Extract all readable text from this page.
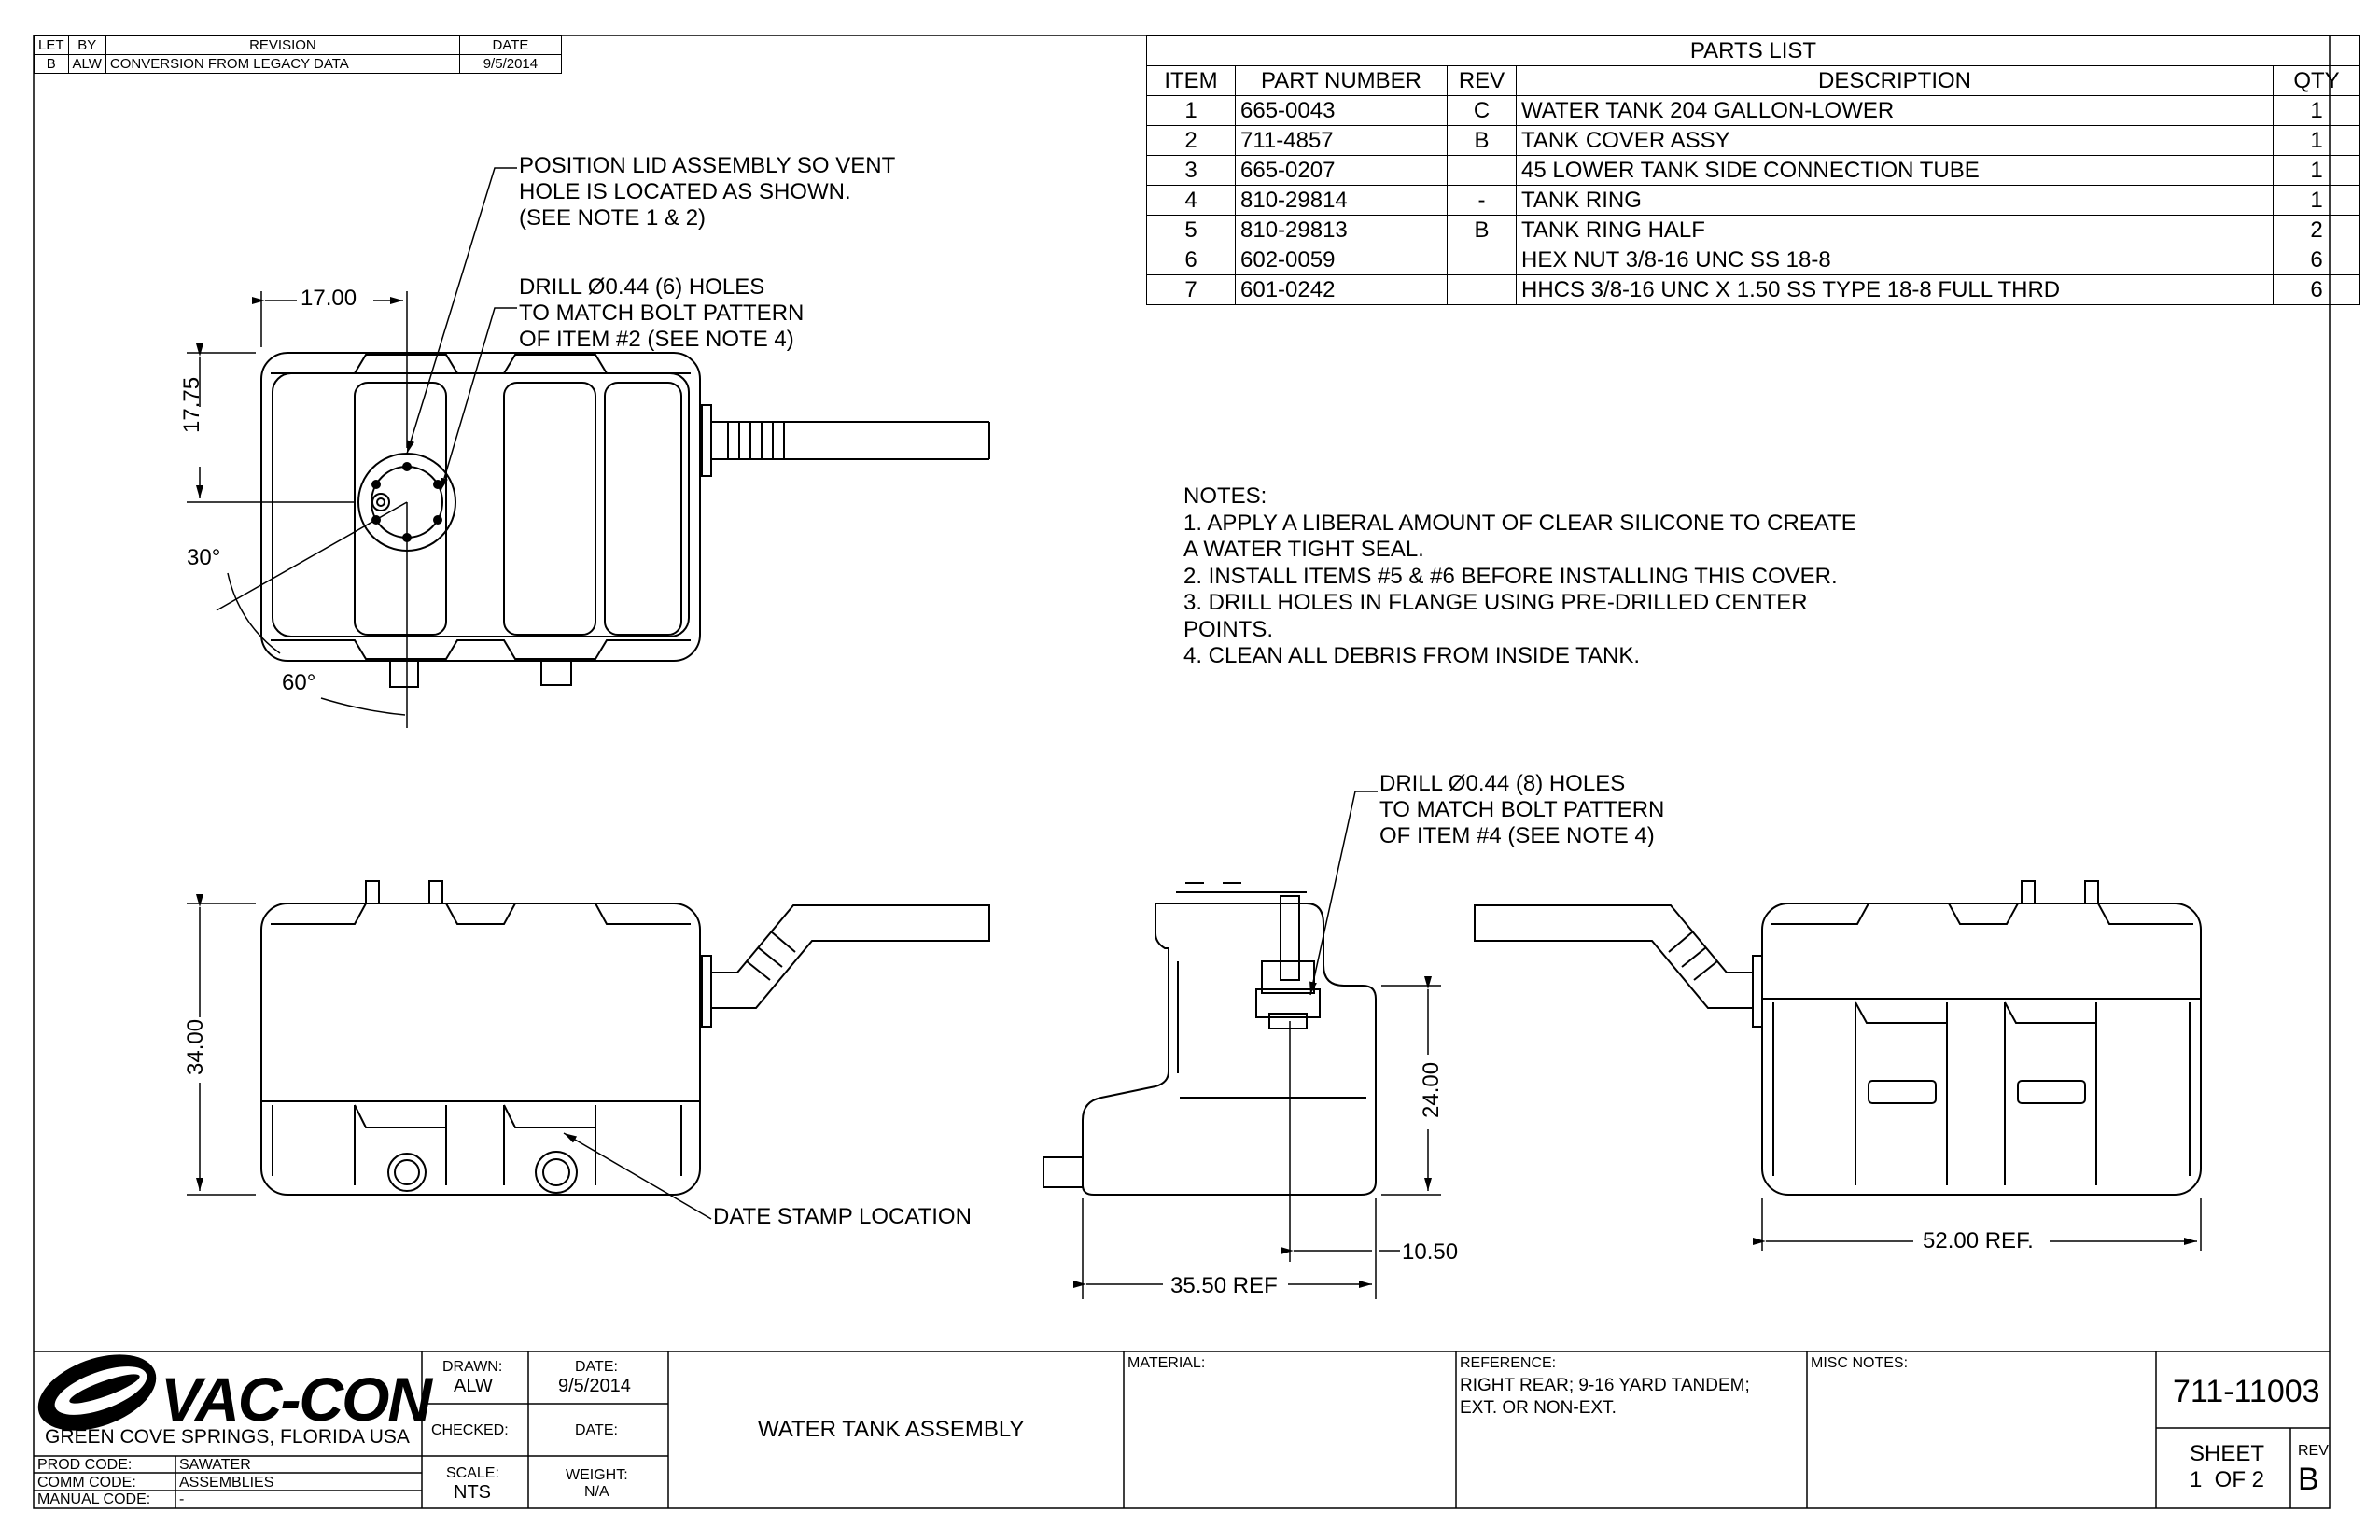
LET	BY	REVISION	DATE
B	ALW	CONVERSION FROM LEGACY DATA	9/5/2014
PARTS LIST				
ITEM	PART NUMBER	REV	DESCRIPTION	QTY
1	665-0043	C	WATER TANK 204 GALLON-LOWER	1
2	711-4857	B	TANK COVER ASSY	1
3	665-0207		45 LOWER TANK SIDE CONNECTION TUBE	1
4	810-29814	-	TANK RING	1
5	810-29813	B	TANK RING HALF	2
6	602-0059		HEX NUT 3/8-16 UNC SS 18-8	6
7	601-0242		HHCS 3/8-16 UNC X 1.50 SS TYPE 18-8 FULL THRD	6
NOTES:
1. APPLY A LIBERAL AMOUNT OF CLEAR SILICONE TO CREATE
A WATER TIGHT SEAL.
2. INSTALL ITEMS #5 & #6 BEFORE INSTALLING THIS COVER.
3. DRILL HOLES IN FLANGE USING PRE-DRILLED CENTER
POINTS.
4. CLEAN ALL DEBRIS FROM INSIDE TANK.
POSITION LID ASSEMBLY SO VENT
HOLE IS LOCATED AS SHOWN.
(SEE NOTE 1 & 2)
DRILL Ø0.44 (6) HOLES
TO MATCH BOLT PATTERN
OF ITEM #2 (SEE NOTE 4)
DRILL Ø0.44 (8) HOLES
TO MATCH BOLT PATTERN
OF ITEM #4 (SEE NOTE 4)
DATE STAMP LOCATION
17.00
17.75
30°
60°
34.00
24.00
10.50
35.50 REF
52.00 REF.
VAC-CON
GREEN COVE SPRINGS, FLORIDA USA
PROD CODE:	SAWATER
COMM CODE:	ASSEMBLIES
MANUAL CODE: -
DRAWN:
ALW
DATE:
9/5/2014
CHECKED:	DATE:
SCALE:
NTS
WEIGHT:
N/A
WATER TANK ASSEMBLY
MATERIAL:	REFERENCE:
RIGHT REAR; 9-16 YARD TANDEM;
EXT. OR NON-EXT.
MISC NOTES:
711-11003
SHEET
1  OF 2
REV
B
